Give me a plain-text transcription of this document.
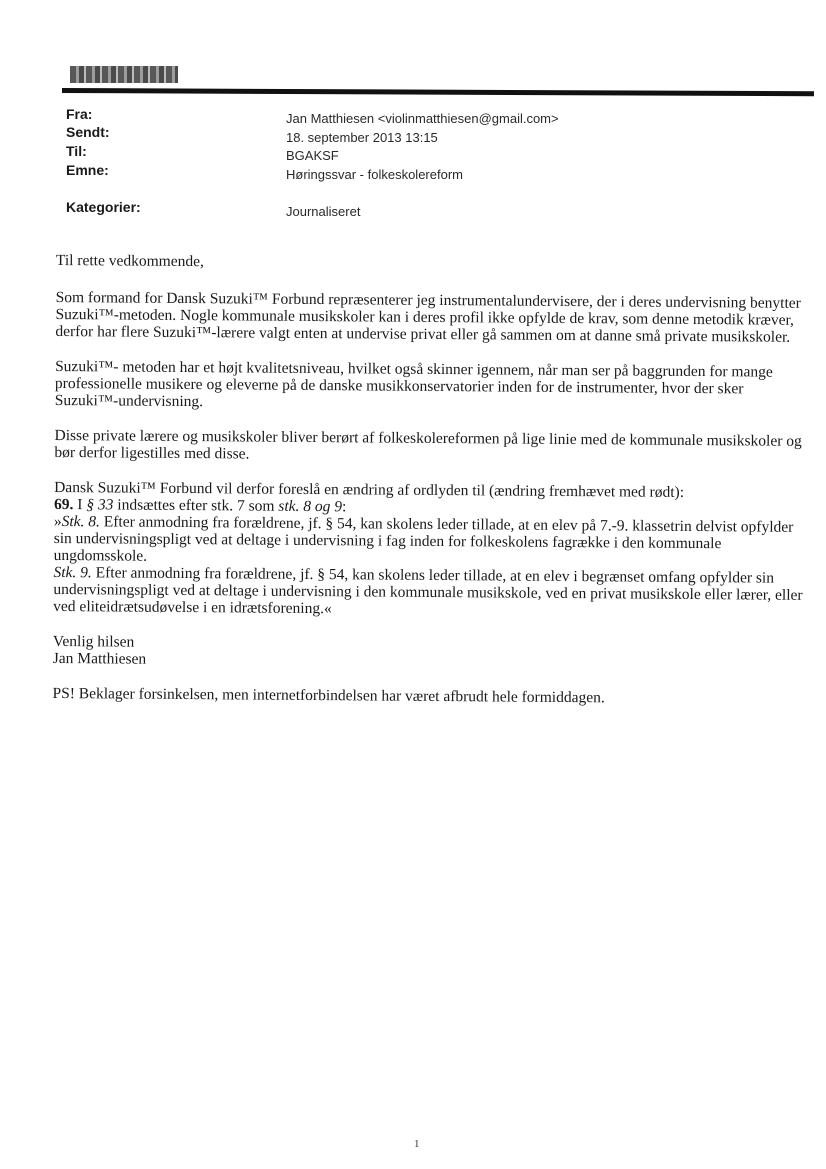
Fra:	Jan Matthiesen <violinmatthiesen@gmail.com>
Sendt:	18. september 2013 13:15
Til:	BGAKSF
Emne:	Høringssvar - folkeskolereform
Kategorier:	Journaliseret

Til rette vedkommende,

Som formand for Dansk Suzuki™ Forbund repræsenterer jeg instrumentalundervisere, der i deres undervisning benytter Suzuki™-metoden. Nogle kommunale musikskoler kan i deres profil ikke opfylde de krav, som denne metodik kræver, derfor har flere Suzuki™-lærere valgt enten at undervise privat eller gå sammen om at danne små private musikskoler.

Suzuki™- metoden har et højt kvalitetsniveau, hvilket også skinner igennem, når man ser på baggrunden for mange professionelle musikere og eleverne på de danske musikkonservatorier inden for de instrumenter, hvor der sker Suzuki™-undervisning.

Disse private lærere og musikskoler bliver berørt af folkeskolereformen på lige linie med de kommunale musikskoler og bør derfor ligestilles med disse.

Dansk Suzuki™ Forbund vil derfor foreslå en ændring af ordlyden til (ændring fremhævet med rødt):

69. I § 33 indsættes efter stk. 7 som stk. 8 og 9:

»Stk. 8. Efter anmodning fra forældrene, jf. § 54, kan skolens leder tillade, at en elev på 7.-9. klassetrin delvist opfylder sin undervisningspligt ved at deltage i undervisning i fag inden for folkeskolens fagrække i den kommunale ungdomsskole.

Stk. 9. Efter anmodning fra forældrene, jf. § 54, kan skolens leder tillade, at en elev i begrænset omfang opfylder sin undervisningspligt ved at deltage i undervisning i den kommunale musikskole, ved en privat musikskole eller lærer, eller ved eliteidrætsudøvelse i en idrætsforening.«

Venlig hilsen

Jan Matthiesen

PS! Beklager forsinkelsen, men internetforbindelsen har været afbrudt hele formiddagen.

1
